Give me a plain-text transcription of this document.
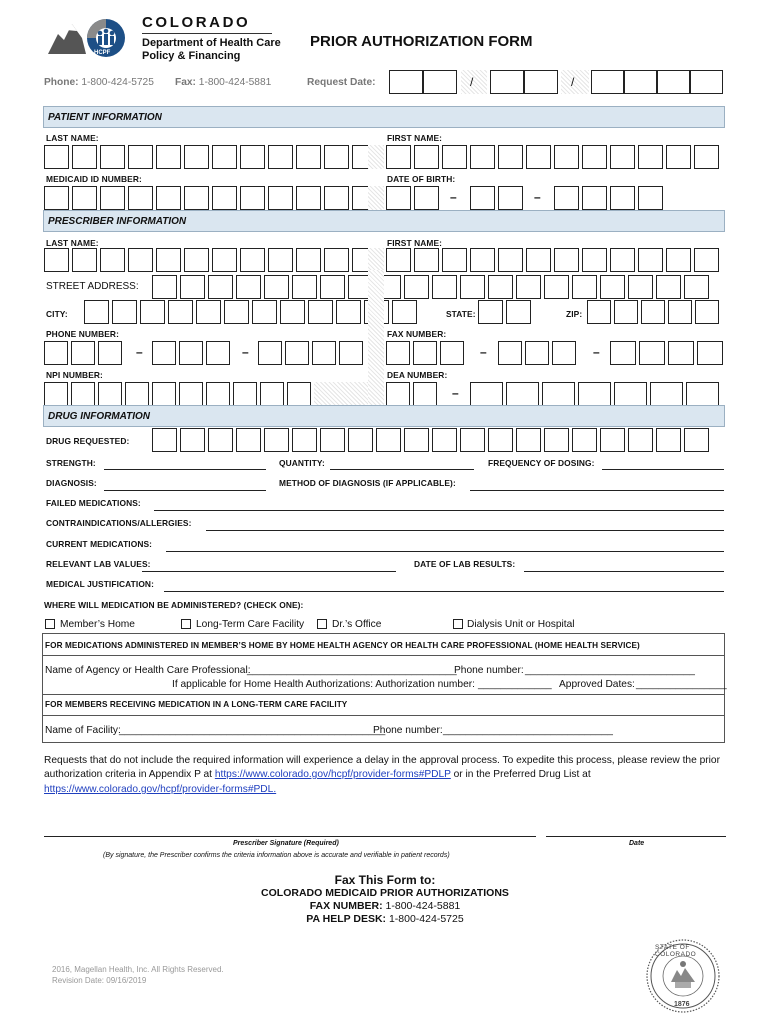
HCPF
COLORADO
Department of Health Care
Policy & Financing
PRIOR AUTHORIZATION FORM
Phone: 1-800-424-5725 Fax: 1-800-424-5881	Request Date:	/	/
PATIENT INFORMATION
LAST NAME:	FIRST NAME:
MEDICAID ID NUMBER:	DATE OF BIRTH:
–	–
PRESCRIBER INFORMATION
LAST NAME:	FIRST NAME:
STREET ADDRESS:
CITY:	STATE:	ZIP:
PHONE NUMBER:	FAX NUMBER:
–	–	–	–
NPI NUMBER:	DEA NUMBER:
–
DRUG INFORMATION
DRUG REQUESTED:
STRENGTH:	QUANTITY:	FREQUENCY OF DOSING:
DIAGNOSIS:	METHOD OF DIAGNOSIS (IF APPLICABLE):
FAILED MEDICATIONS:
CONTRAINDICATIONS/ALLERGIES:
CURRENT MEDICATIONS:
RELEVANT LAB VALUES:	DATE OF LAB RESULTS:
MEDICAL JUSTIFICATION:
WHERE WILL MEDICATION BE ADMINISTERED? (CHECK ONE):
Member’s Home	Long-Term Care Facility	Dr.’s Office	Dialysis Unit or Hospital
FOR MEDICATIONS ADMINISTERED IN MEMBER’S HOME BY HOME HEALTH AGENCY OR HEALTH CARE PROFESSIONAL (HOME HEALTH SERVICE)
Name of Agency or Health Care Professional:
_____________________________________
Phone number: ______________________________
If applicable for Home Health Authorizations: Authorization number: _____________ Approved Dates: ________________
FOR MEMBERS RECEIVING MEDICATION IN A LONG-TERM CARE FACILITY
Name of Facility:
_______________________________________________
Phone number: ______________________________
Requests that do not include the required information will experience a delay in the approval process. To expedite this process, please review the prior
authorization criteria in Appendix P at https://www.colorado.gov/hcpf/provider-forms#PDLP or in the Preferred Drug List at
https://www.colorado.gov/hcpf/provider-forms#PDL.
Prescriber Signature (Required)	Date
(By signature, the Prescriber confirms the criteria information above is accurate and verifiable in patient records)
Fax This Form to:
COLORADO MEDICAID PRIOR AUTHORIZATIONS
FAX NUMBER: 1-800-424-5881
PA HELP DESK: 1-800-424-5725
2016, Magellan Health, Inc. All Rights Reserved.
Revision Date: 09/16/2019
STATE OF COLORADO
1876
